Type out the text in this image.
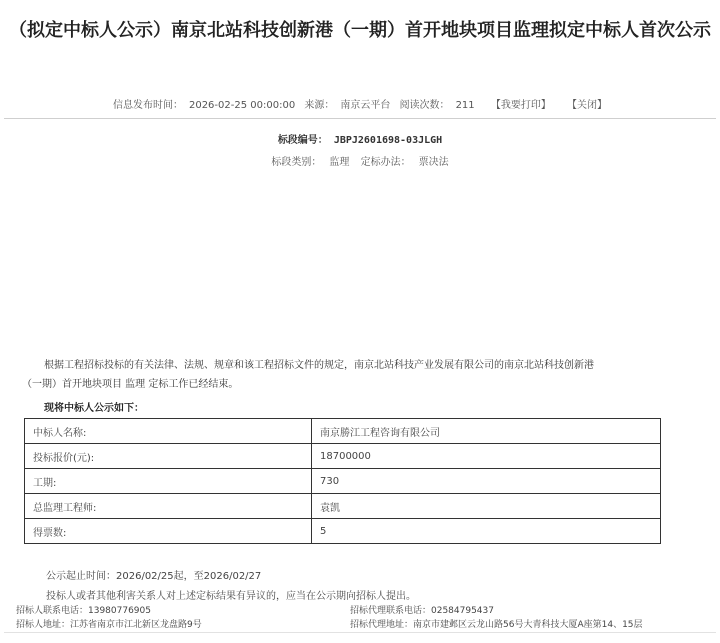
（拟定中标人公示）南京北站科技创新港（一期）首开地块项目监理拟定中标人首次公示
信息发布时间： 2026-02-25 00:00:00 来源： 南京云平台 阅读次数： 211 【我要打印】 【关闭】
标段编号： JBPJ2601698-03JLGH
标段类别： 监理 定标办法： 票决法
根据工程招标投标的有关法律、法规、规章和该工程招标文件的规定，南京北站科技产业发展有限公司的南京北站科技创新港
（一期）首开地块项目 监理 定标工作已经结束。
现将中标人公示如下：
中标人名称:	南京勝江工程咨询有限公司
投标报价(元):	18700000
工期:	730
总监理工程师:	袁凯
得票数:	5
公示起止时间：2026/02/25起，至2026/02/27
投标人或者其他利害关系人对上述定标结果有异议的，应当在公示期向招标人提出。
招标人联系电话：13980776905
招标人地址：江苏省南京市江北新区龙盘路9号
招标代理联系电话：02584795437
招标代理地址：南京市建邺区云龙山路56号大青科技大厦A座第14、15层
